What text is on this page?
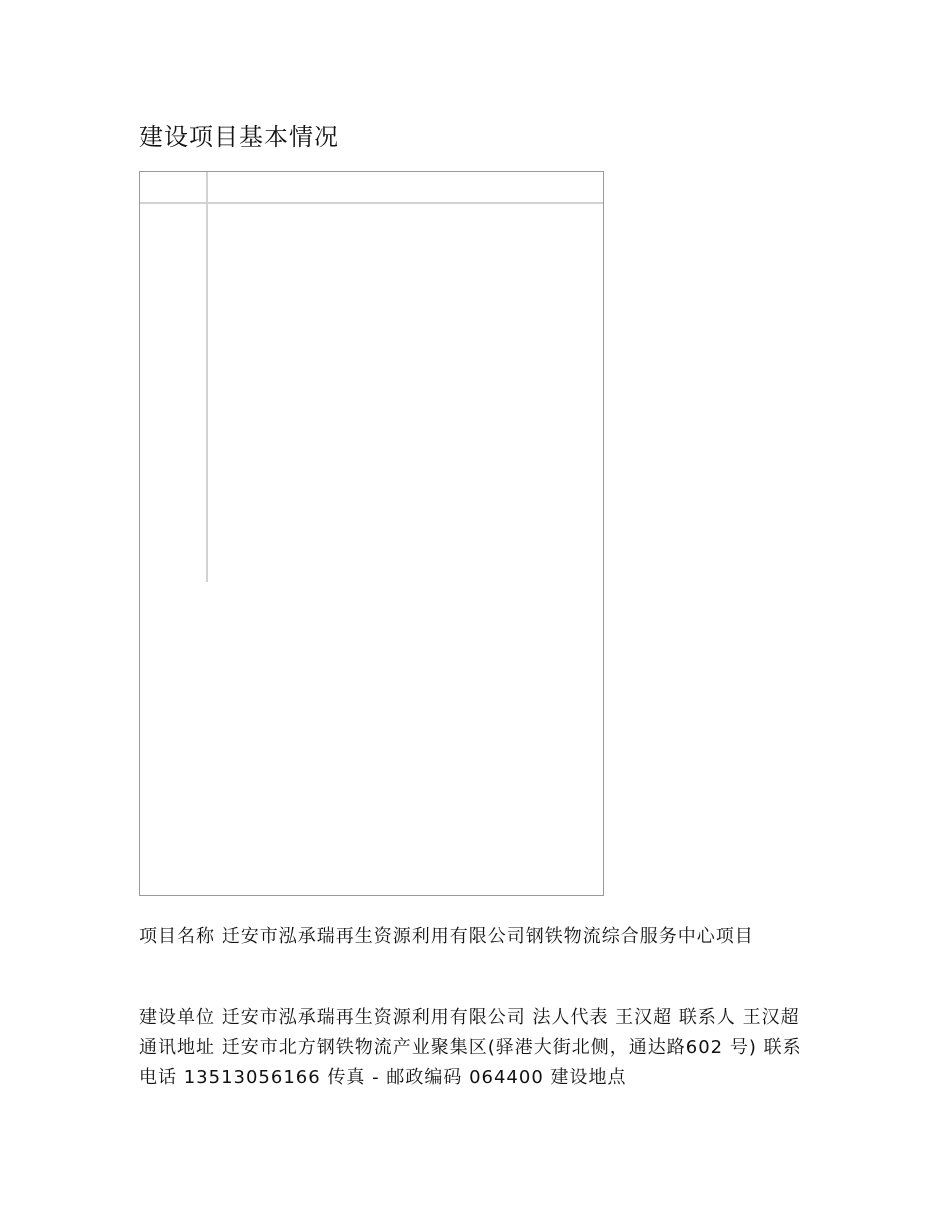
建设项目基本情况

项目名称 迁安市泓承瑞再生资源利用有限公司钢铁物流综合服务中心项目

建设单位 迁安市泓承瑞再生资源利用有限公司 法人代表 王汉超 联系人 王汉超 通讯地址 迁安市北方钢铁物流产业聚集区(驿港大街北侧，通达路602 号) 联系电话 13513056166 传真 - 邮政编码 064400 建设地点
